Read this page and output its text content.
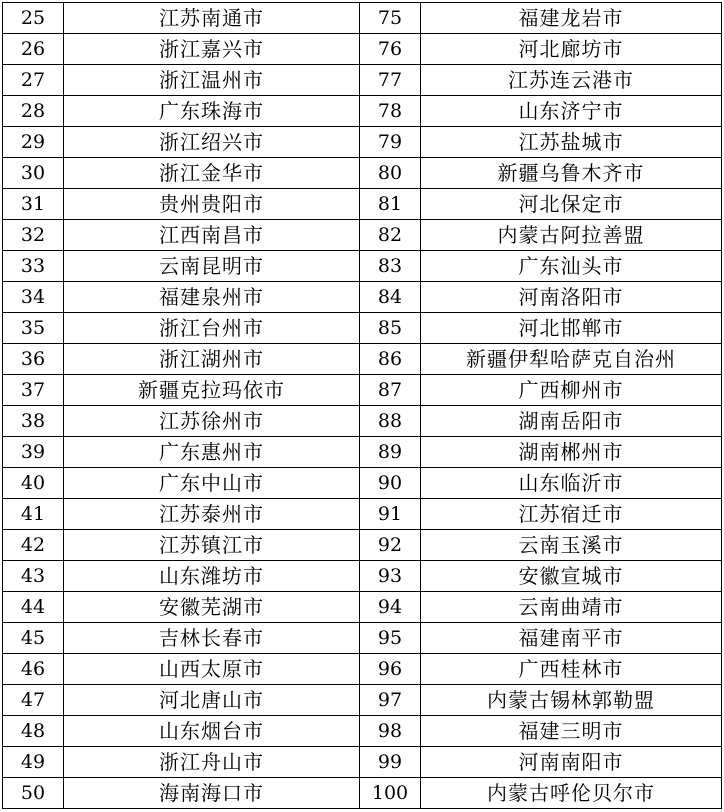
25	江苏南通市	75	福建龙岩市
26	浙江嘉兴市	76	河北廊坊市
27	浙江温州市	77	江苏连云港市
28	广东珠海市	78	山东济宁市
29	浙江绍兴市	79	江苏盐城市
30	浙江金华市	80	新疆乌鲁木齐市
31	贵州贵阳市	81	河北保定市
32	江西南昌市	82	内蒙古阿拉善盟
33	云南昆明市	83	广东汕头市
34	福建泉州市	84	河南洛阳市
35	浙江台州市	85	河北邯郸市
36	浙江湖州市	86	新疆伊犁哈萨克自治州
37	新疆克拉玛依市	87	广西柳州市
38	江苏徐州市	88	湖南岳阳市
39	广东惠州市	89	湖南郴州市
40	广东中山市	90	山东临沂市
41	江苏泰州市	91	江苏宿迁市
42	江苏镇江市	92	云南玉溪市
43	山东潍坊市	93	安徽宣城市
44	安徽芜湖市	94	云南曲靖市
45	吉林长春市	95	福建南平市
46	山西太原市	96	广西桂林市
47	河北唐山市	97	内蒙古锡林郭勒盟
48	山东烟台市	98	福建三明市
49	浙江舟山市	99	河南南阳市
50	海南海口市	100	内蒙古呼伦贝尔市
